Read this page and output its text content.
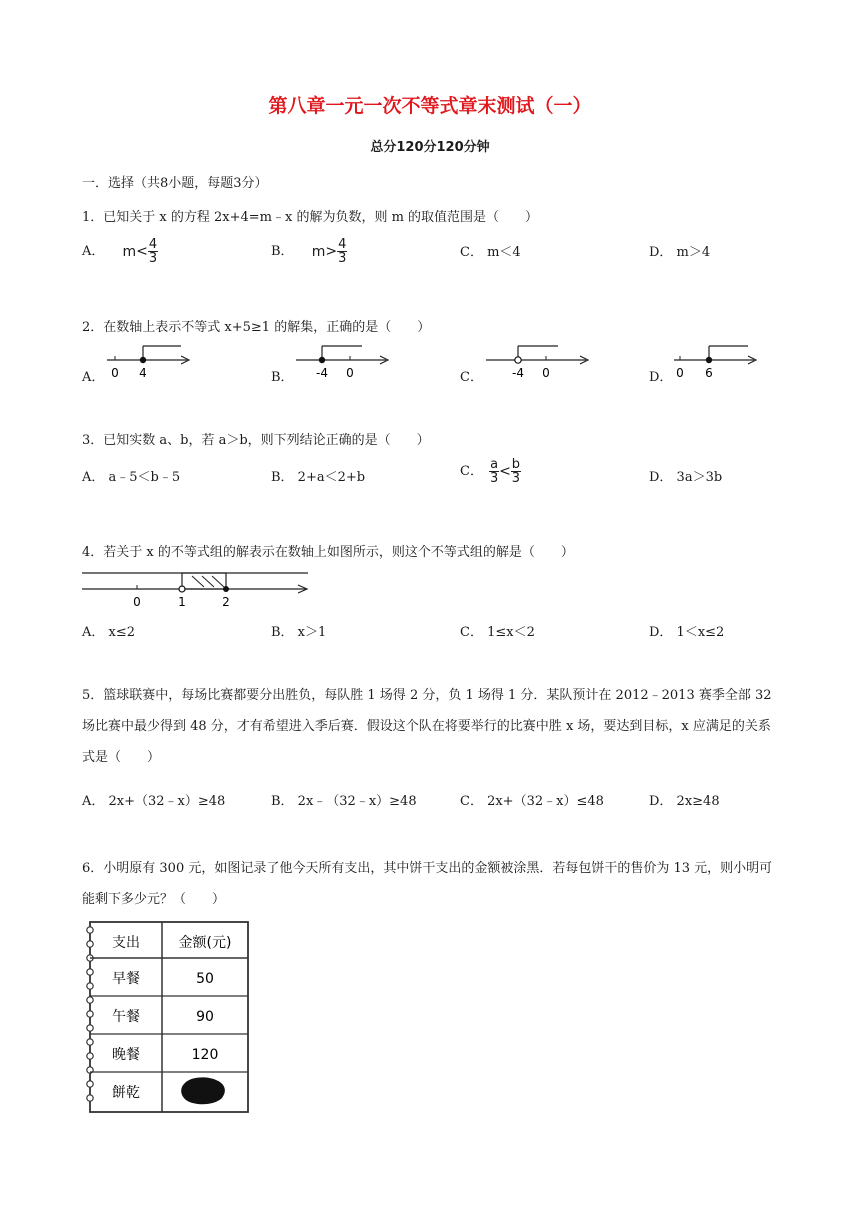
第八章一元一次不等式章末测试（一）
总分120分120分钟
一．选择（共8小题，每题3分）
1．已知关于 x 的方程 2x+4=m﹣x 的解为负数，则 m 的取值范围是（　　）
A． $m< \frac{4}{3}$	B． $m> \frac{4}{3}$	C． m＜4	D． m＞4
2．在数轴上表示不等式 x+5≥1 的解集，正确的是（　　）
A． 0 4	B． -4 0	C． -4 0	D． 0 6
3．已知实数 a、b，若 a＞b，则下列结论正确的是（　　）
A． a﹣5＜b﹣5	B． 2+a＜2+b	C． $\frac{a}{3} < \frac{b}{3}$	D． 3a＞3b
4．若关于 x 的不等式组的解表示在数轴上如图所示，则这个不等式组的解是（　　）
0	1	2
A． x≤2	B． x＞1	C． 1≤x＜2	D． 1＜x≤2
5．篮球联赛中，每场比赛都要分出胜负，每队胜 1 场得 2 分，负 1 场得 1 分．某队预计在 2012﹣2013 赛季全部 32 场比赛中最少得到 48 分，才有希望进入季后赛．假设这个队在将要举行的比赛中胜 x 场，要达到目标，x 应满足的关系式是（　　）
A． 2x+（32﹣x）≥48	B． 2x﹣（32﹣x）≥48	C． 2x+（32﹣x）≤48	D． 2x≥48
6．小明原有 300 元，如图记录了他今天所有支出，其中饼干支出的金额被涂黑．若每包饼干的售价为 13 元，则小明可能剩下多少元？（　　）
支出	金额(元)
早餐	50
午餐	90
晚餐	120
餅乾
